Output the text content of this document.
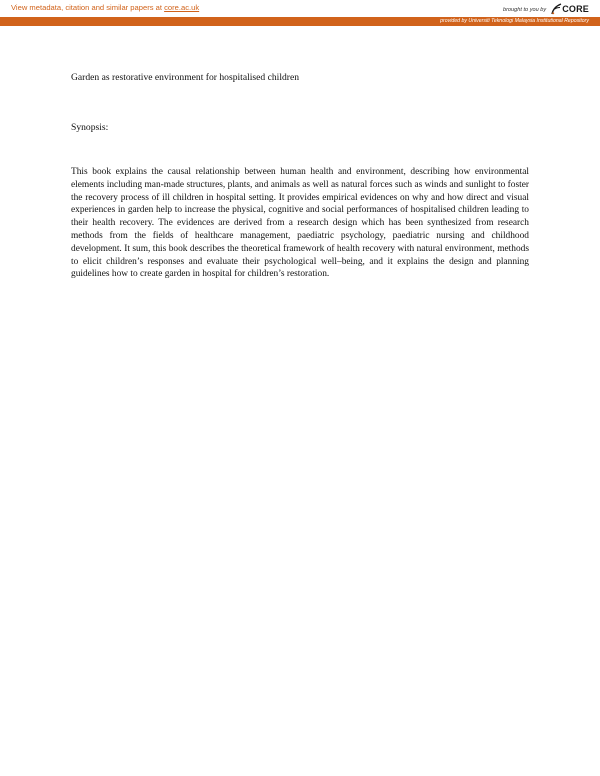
View metadata, citation and similar papers at core.ac.uk	brought to you by CORE
provided by Universiti Teknologi Malaysia Institutional Repository

Garden as restorative environment for hospitalised children

Synopsis:

This book explains the causal relationship between human health and environment, describing how environmental elements including man-made structures, plants, and animals as well as natural forces such as winds and sunlight to foster the recovery process of ill children in hospital setting. It provides empirical evidences on why and how direct and visual experiences in garden help to increase the physical, cognitive and social performances of hospitalised children leading to their health recovery. The evidences are derived from a research design which has been synthesized from research methods from the fields of healthcare management, paediatric psychology, paediatric nursing and childhood development. It sum, this book describes the theoretical framework of health recovery with natural environment, methods to elicit children’s responses and evaluate their psychological well–being, and it explains the design and planning guidelines how to create garden in hospital for children’s restoration.
